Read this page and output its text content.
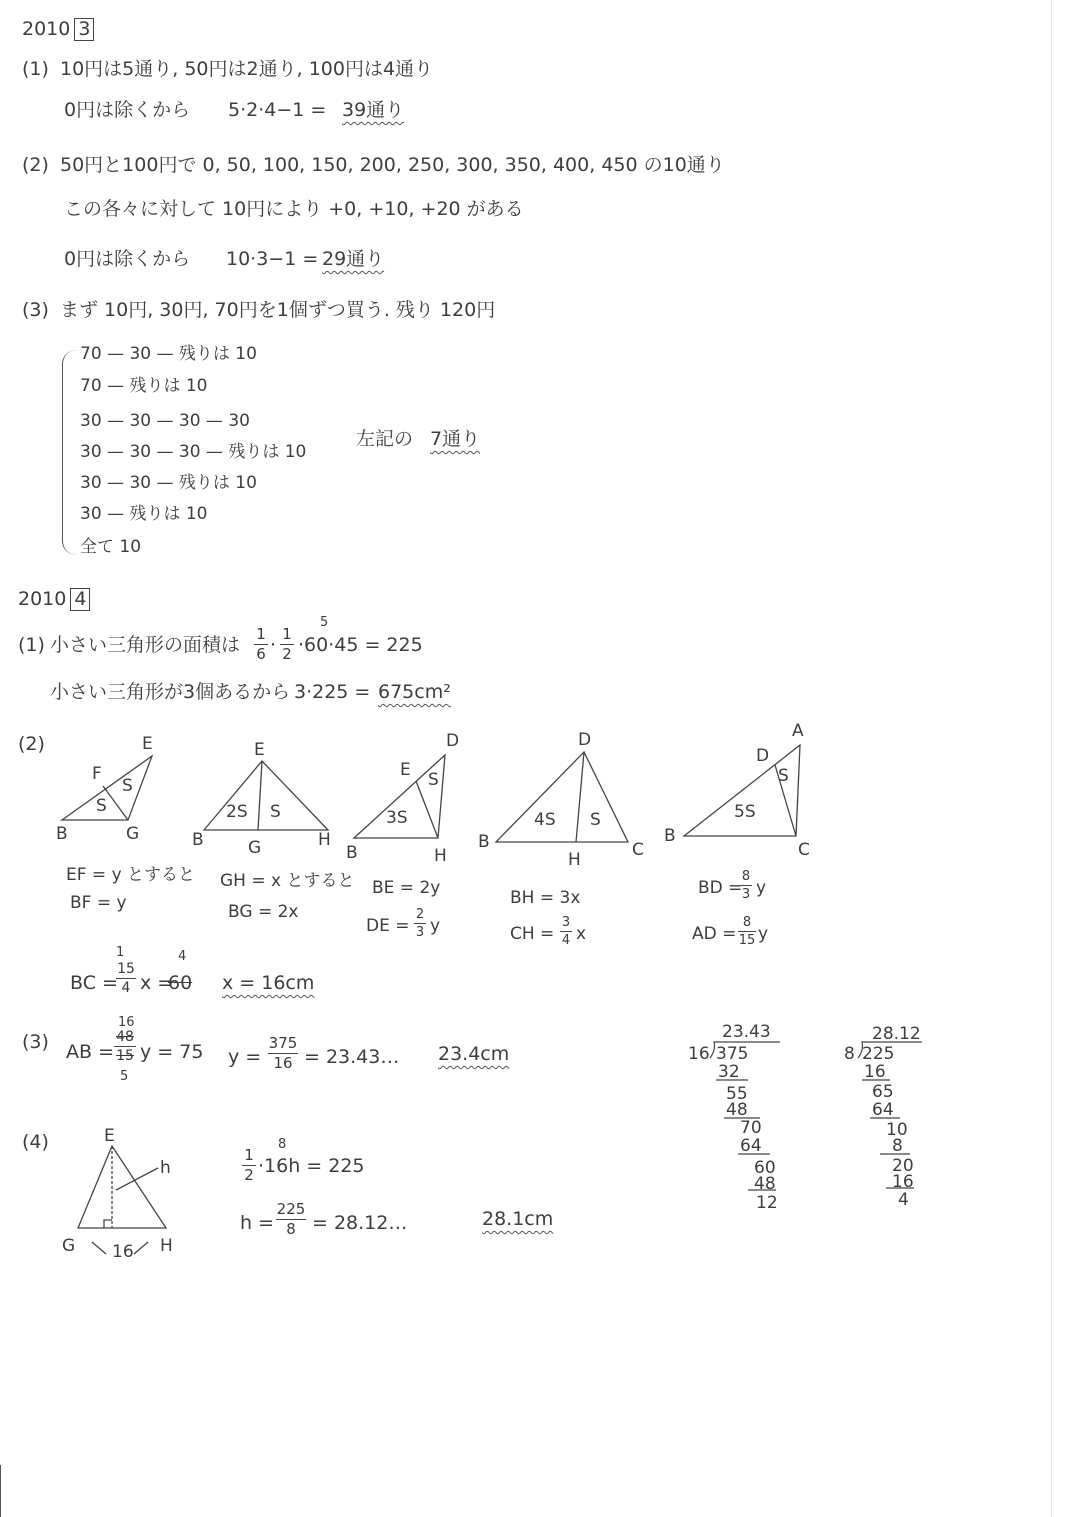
2010 3
(1) 10円は5通り, 50円は2通り, 100円は4通り
0円は除くから 5·2·4−1 = 39通り
(2) 50円と100円で 0, 50, 100, 150, 200, 250, 300, 350, 400, 450 の10通り
この各々に対して 10円により +0, +10, +20 がある
0円は除くから 10·3−1 = 29通り
(3) まず 10円, 30円, 70円を1個ずつ買う. 残り 120円
70 — 30 — 残りは 10
70 — 残りは 10
30 — 30 — 30 — 30
30 — 30 — 30 — 残りは 10
30 — 30 — 残りは 10
30 — 残りは 10
全て 10
左記の 7通り
2010 4
(1) 小さい三角形の面積は 1
6 · 1
2
5
·60·45 = 225
小さい三角形が3個あるから 3·225 = 675cm²
(2)	E
F
B	G
S
S
E
B	G	H
2S S
D
E
B	H
3S
S
D
B
H	C
4S S
A
D
B
C
5S
S
EF = y とすると
BF = y
GH = x とすると
BG = 2x
BE = 2y
DE =
2
3 y
BH = 3x
CH =
3
4 x
BD =
8
3 y
AD =
8
15 y
BC =
1	4
15
4 x =
60 x = 16cm
(3) AB =
16
48
15
5
y = 75 y =
375
16 = 23.43… 23.4cm
(4)	E
h
G 16 H
1
2
8
·16h = 225
h =
225
8 = 28.12…	28.1cm
23.43
16 375
32
55
48
70
64
60
48
12
28.12
8 225
16
65
64
10
8
20
16
4
